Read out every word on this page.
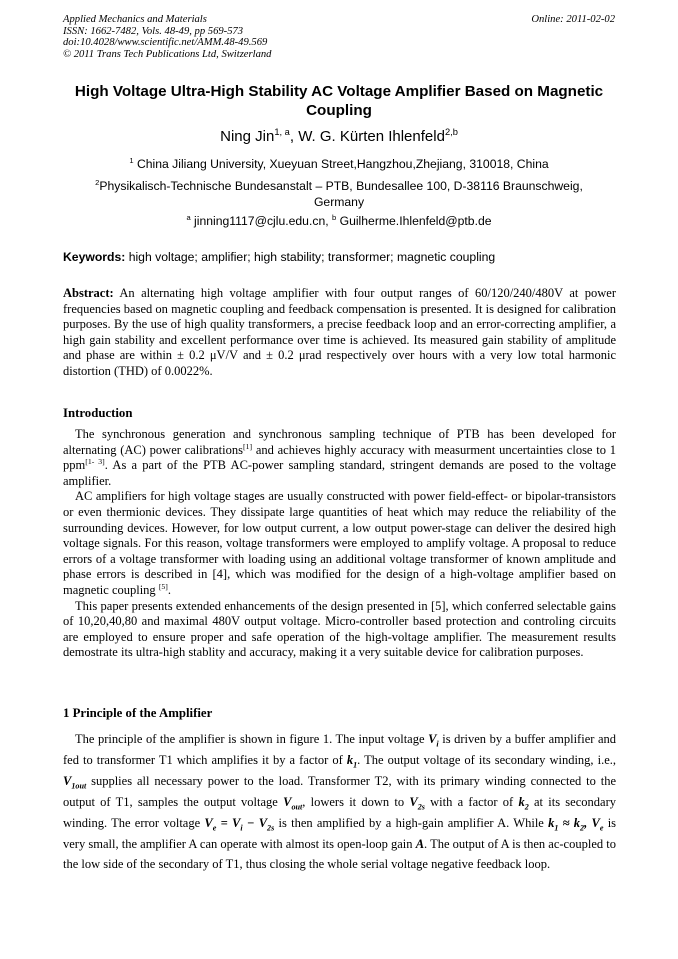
Applied Mechanics and Materials
ISSN: 1662-7482, Vols. 48-49, pp 569-573
doi:10.4028/www.scientific.net/AMM.48-49.569
© 2011 Trans Tech Publications Ltd, Switzerland
Online: 2011-02-02
High Voltage Ultra-High Stability AC Voltage Amplifier Based on Magnetic Coupling
Ning Jin$^{1, a}$, W. G. Kürten Ihlenfeld$^{2,b}$
$^1$ China Jiliang University, Xueyuan Street,Hangzhou,Zhejiang, 310018, China
$^2$Physikalisch-Technische Bundesanstalt – PTB, Bundesallee 100, D-38116 Braunschweig, Germany
$^a$ jinning1117@cjlu.edu.cn, $^b$ Guilherme.Ihlenfeld@ptb.de
Keywords: high voltage; amplifier; high stability; transformer; magnetic coupling
Abstract: An alternating high voltage amplifier with four output ranges of 60/120/240/480V at power frequencies based on magnetic coupling and feedback compensation is presented. It is designed for calibration purposes. By the use of high quality transformers, a precise feedback loop and an error-correcting amplifier, a high gain stability and excellent performance over time is achieved. Its measured gain stability of amplitude and phase are within ± 0.2 μV/V and ± 0.2 μrad respectively over hours with a very low total harmonic distortion (THD) of 0.0022%.
Introduction

The synchronous generation and synchronous sampling technique of PTB has been developed for alternating (AC) power calibrations[1] and achieves highly accuracy with measurment uncertainties close to 1 ppm[1- 3]. As a part of the PTB AC-power sampling standard, stringent demands are posed to the voltage amplifier.

AC amplifiers for high voltage stages are usually constructed with power field-effect- or bipolar-transistors or even thermionic devices. They dissipate large quantities of heat which may reduce the reliability of the surrounding devices. However, for low output current, a low output power-stage can deliver the desired high voltage signals. For this reason, voltage transformers were employed to amplify voltage. A proposal to reduce errors of a voltage transformer with loading using an additional voltage transformer of known amplitude and phase errors is described in [4], which was modified for the design of a high-voltage amplifier based on magnetic coupling [5].

This paper presents extended enhancements of the design presented in [5], which conferred selectable gains of 10,20,40,80 and maximal 480V output voltage. Micro-controller based protection and controling circuits are employed to ensure proper and safe operation of the high-voltage amplifier. The measurement results demostrate its ultra-high stablity and accuracy, making it a very suitable device for calibration purposes.

1 Principle of the Amplifier
The principle of the amplifier is shown in figure 1. The input voltage $V_i$ is driven by a buffer amplifier and fed to transformer T1 which amplifies it by a factor of $k_1$. The output voltage of its secondary winding, i.e., $V_{1out}$ supplies all necessary power to the load. Transformer T2, with its primary winding connected to the output of T1, samples the output voltage $V_{out}$, lowers it down to $V_{2s}$ with a factor of $k_2$ at its secondary winding. The error voltage $V_e = V_i - V_{2s}$ is then amplified by a high-gain amplifier A. While $k_1 \approx k_2$, $V_e$ is very small, the amplifier A can operate with almost its open-loop gain A. The output of A is then ac-coupled to the low side of the secondary of T1, thus closing the whole serial voltage negative feedback loop.
